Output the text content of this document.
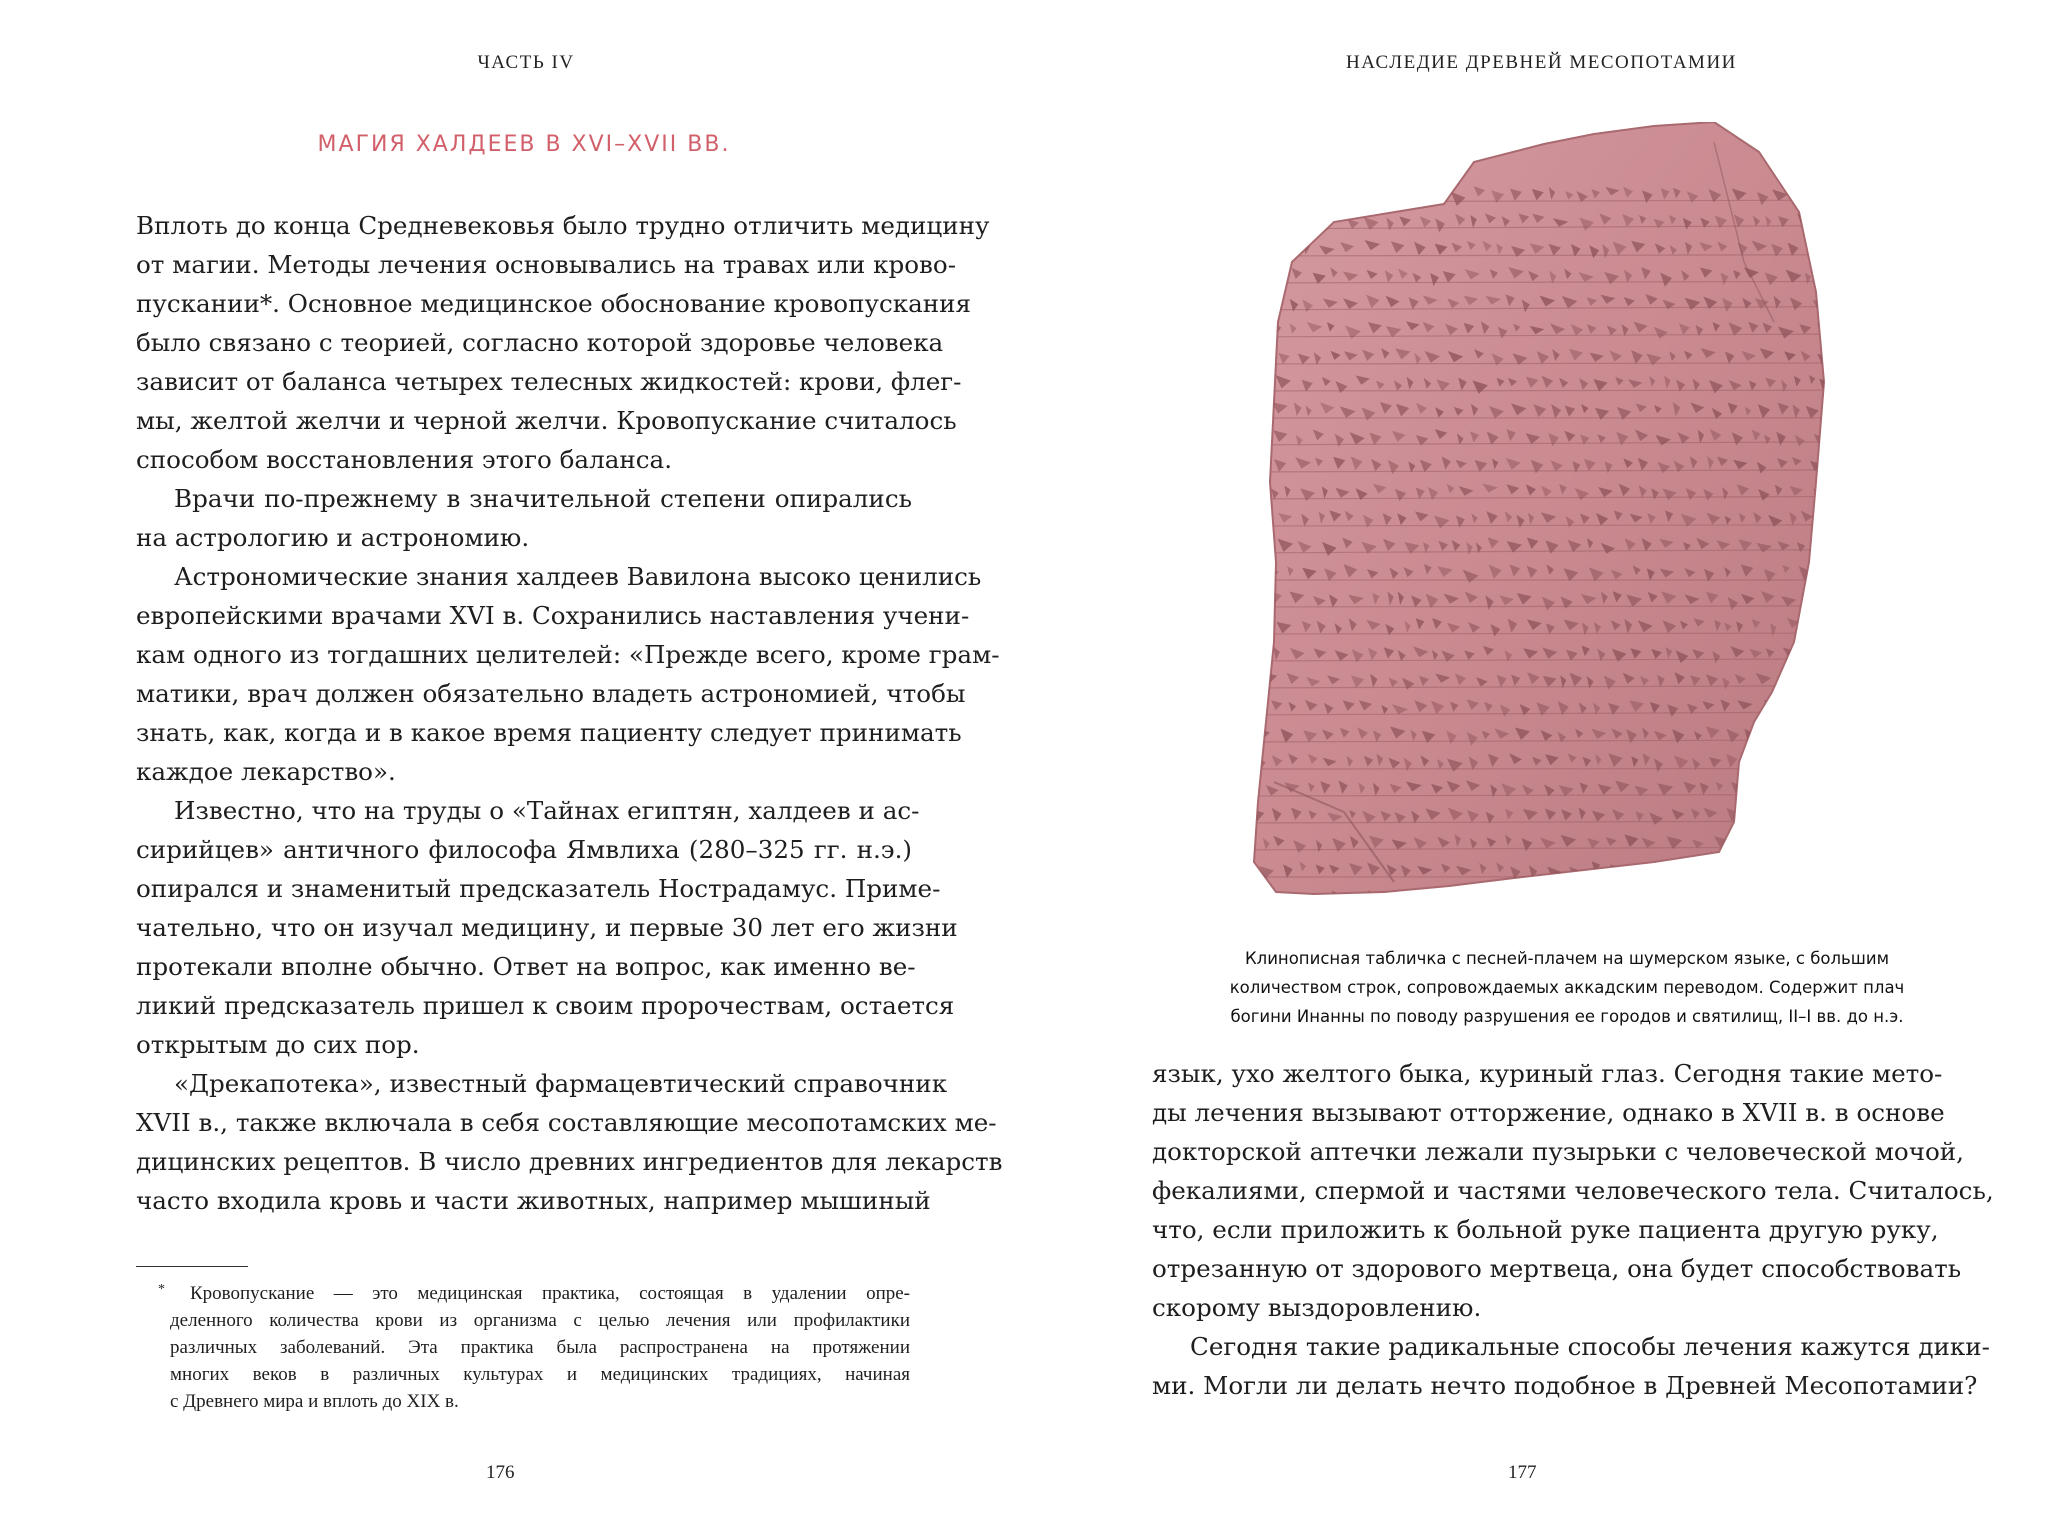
ЧАСТЬ IV
МАГИЯ ХАЛДЕЕВ В XVI–XVII ВВ.
Вплоть до конца Средневековья было трудно отличить медицину
от магии. Методы лечения основывались на травах или крово-
пускании*. Основное медицинское обоснование кровопускания
было связано с теорией, согласно которой здоровье человека
зависит от баланса четырех телесных жидкостей: крови, флег-
мы, желтой желчи и черной желчи. Кровопускание считалось
способом восстановления этого баланса.
Врачи по-прежнему в значительной степени опирались
на астрологию и астрономию.
Астрономические знания халдеев Вавилона высоко ценились
европейскими врачами XVI в. Сохранились наставления учени-
кам одного из тогдашних целителей: «Прежде всего, кроме грам-
матики, врач должен обязательно владеть астрономией, чтобы
знать, как, когда и в какое время пациенту следует принимать
каждое лекарство».
Известно, что на труды о «Тайнах египтян, халдеев и ас-
сирийцев» античного философа Ямвлиха (280–325 гг. н.э.)
опирался и знаменитый предсказатель Нострадамус. Приме-
чательно, что он изучал медицину, и первые 30 лет его жизни
протекали вполне обычно. Ответ на вопрос, как именно ве-
ликий предсказатель пришел к своим пророчествам, остается
открытым до сих пор.
«Дрекапотека», известный фармацевтический справочник
XVII в., также включала в себя составляющие месопотамских ме-
дицинских рецептов. В число древних ингредиентов для лекарств
часто входила кровь и части животных, например мышиный
*	Кровопускание — это медицинская практика, состоящая в удалении опре-
деленного количества крови из организма с целью лечения или профилактики
различных заболеваний. Эта практика была распространена на протяжении
многих веков в различных культурах и медицинских традициях, начиная
с Древнего мира и вплоть до XIX в.
176
НАСЛЕДИЕ ДРЕВНЕЙ МЕСОПОТАМИИ
Клинописная табличка с песней-плачем на шумерском языке, с большим
количеством строк, сопровождаемых аккадским переводом. Содержит плач
богини Инанны по поводу разрушения ее городов и святилищ, II–I вв. до н.э.
язык, ухо желтого быка, куриный глаз. Сегодня такие мето-
ды лечения вызывают отторжение, однако в XVII в. в основе
докторской аптечки лежали пузырьки с человеческой мочой,
фекалиями, спермой и частями человеческого тела. Считалось,
что, если приложить к больной руке пациента другую руку,
отрезанную от здорового мертвеца, она будет способствовать
скорому выздоровлению.
Сегодня такие радикальные способы лечения кажутся дики-
ми. Могли ли делать нечто подобное в Древней Месопотамии?
177
